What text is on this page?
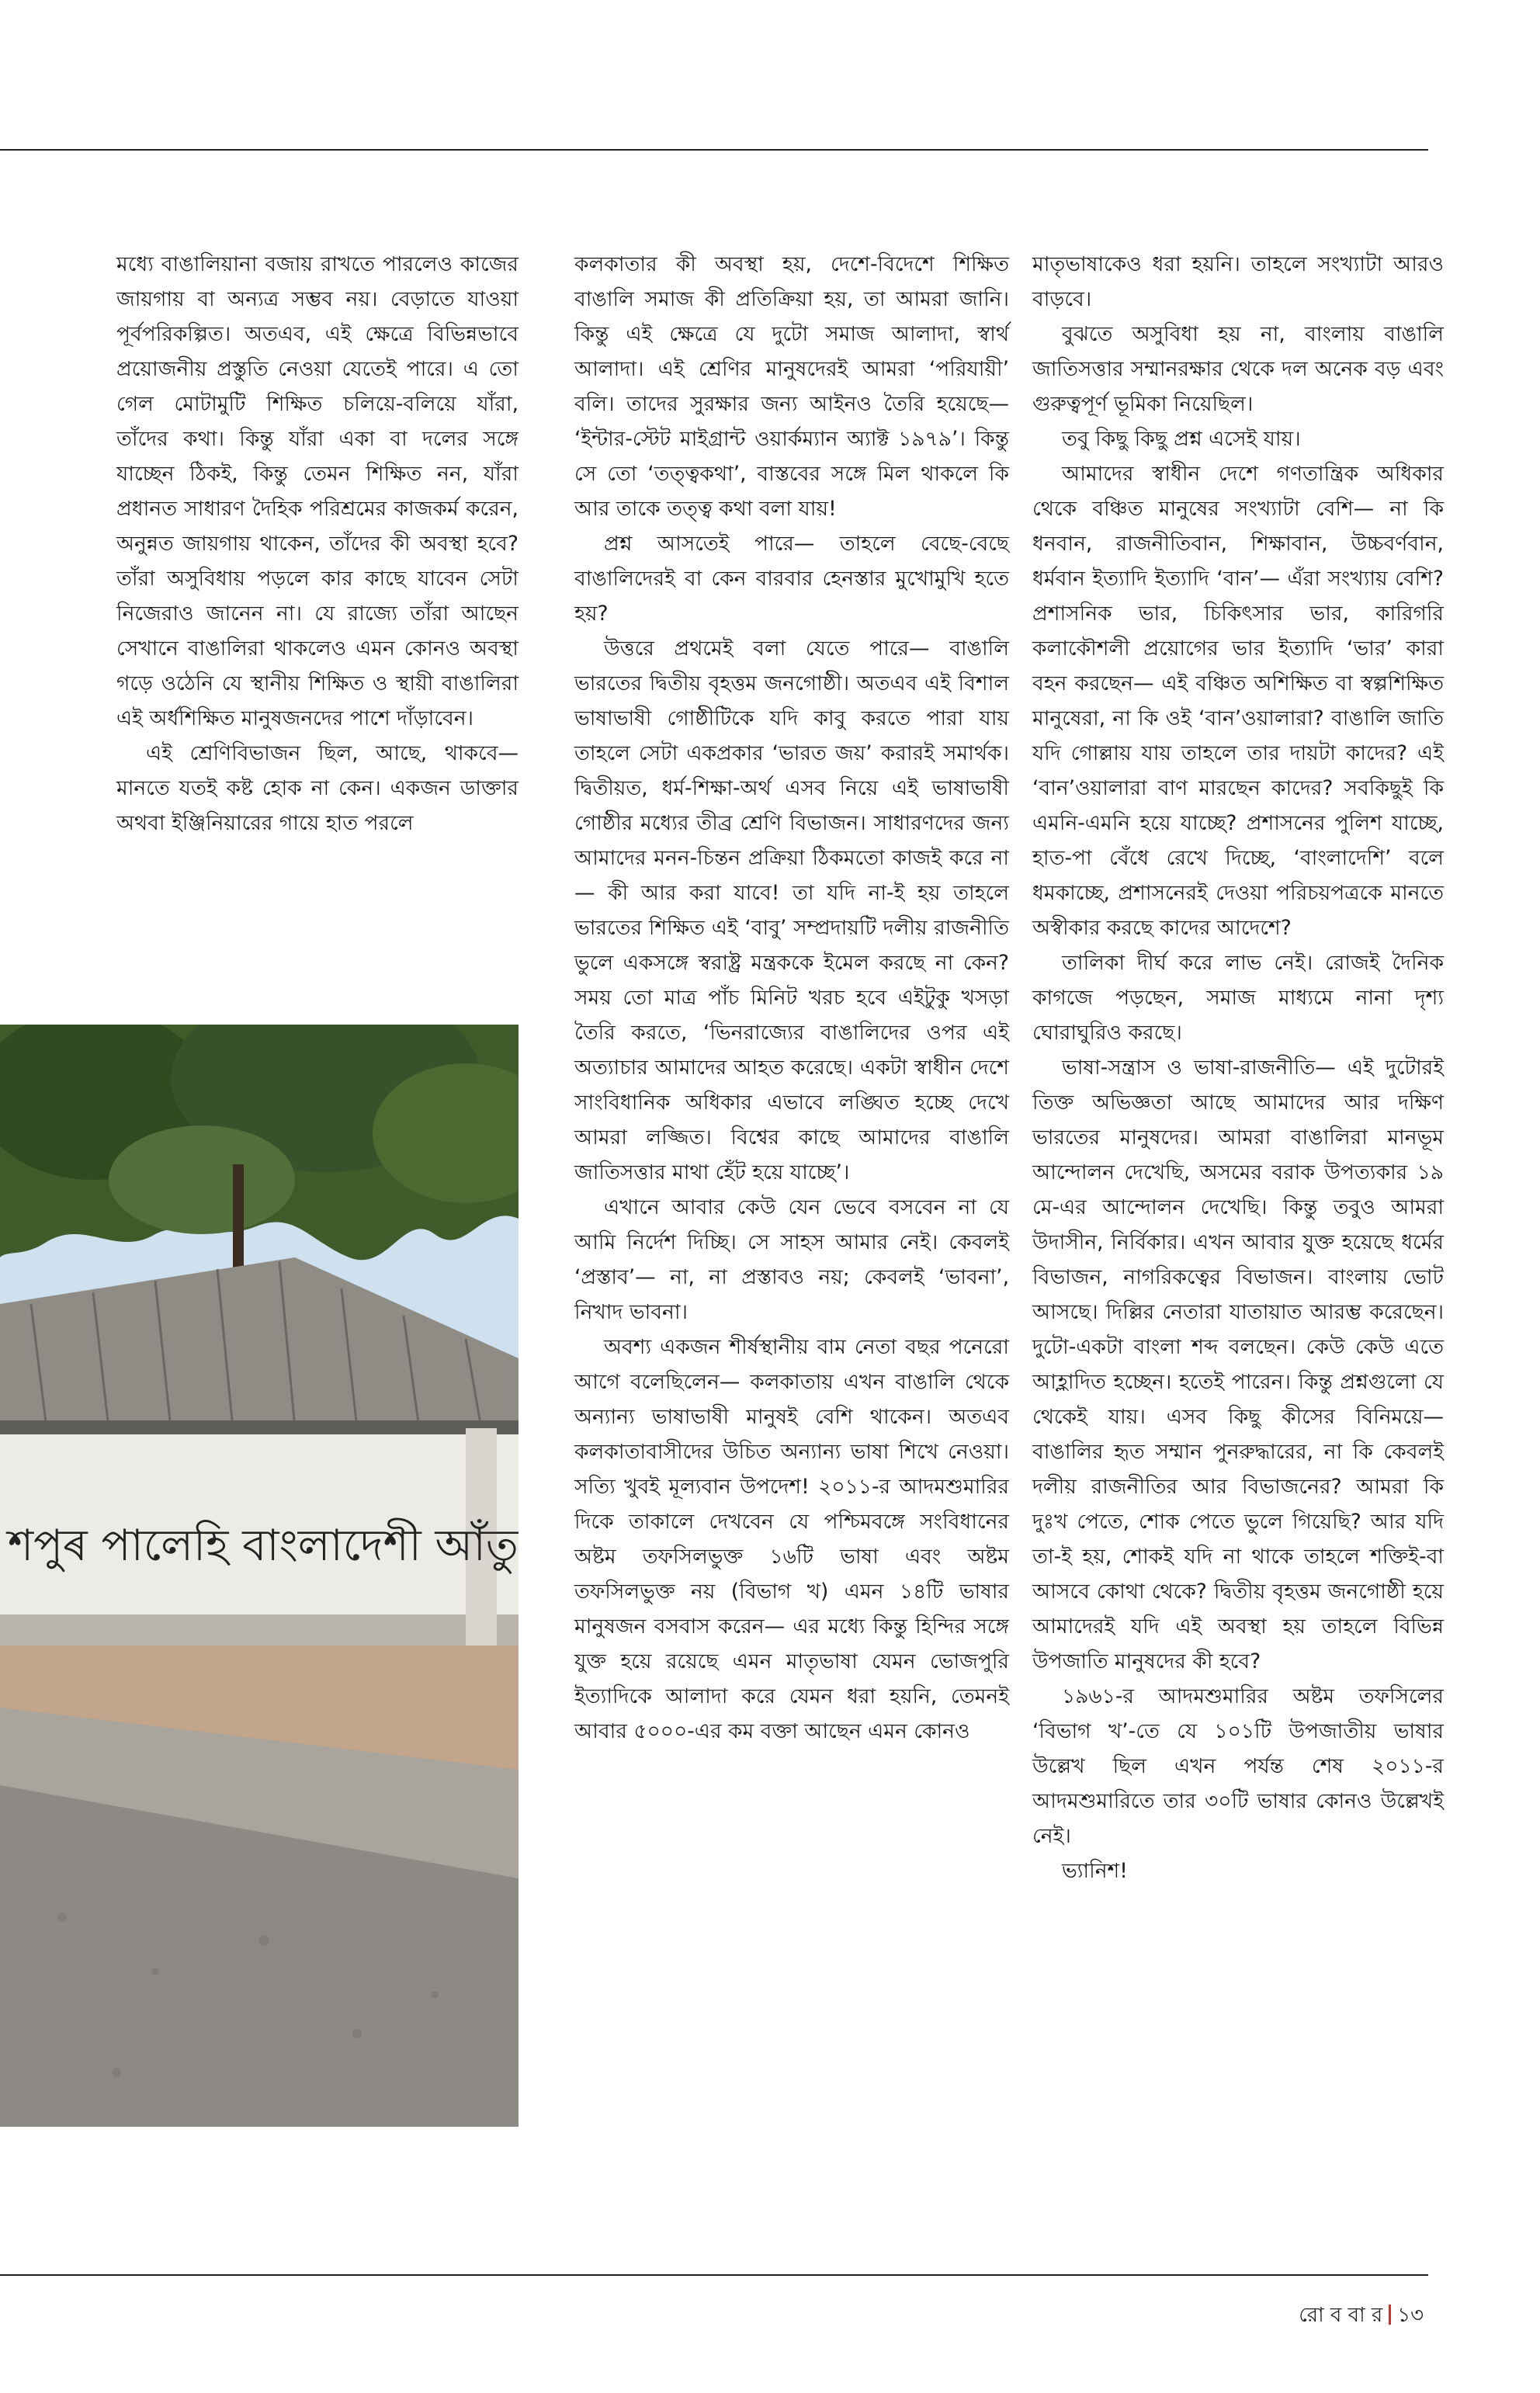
মধ্যে বাঙালিয়ানা বজায় রাখতে পারলেও কাজের জায়গায় বা অন্যত্র সম্ভব নয়। বেড়াতে যাওয়া পূর্বপরিকল্পিত। অতএব, এই ক্ষেত্রে বিভিন্নভাবে প্রয়োজনীয় প্রস্তুতি নেওয়া যেতেই পারে। এ তো গেল মোটামুটি শিক্ষিত চলিয়ে-বলিয়ে যাঁরা, তাঁদের কথা। কিন্তু যাঁরা একা বা দলের সঙ্গে যাচ্ছেন ঠিকই, কিন্তু তেমন শিক্ষিত নন, যাঁরা প্রধানত সাধারণ দৈহিক পরিশ্রমের কাজকর্ম করেন, অনুন্নত জায়গায় থাকেন, তাঁদের কী অবস্থা হবে? তাঁরা অসুবিধায় পড়লে কার কাছে যাবেন সেটা নিজেরাও জানেন না। যে রাজ্যে তাঁরা আছেন সেখানে বাঙালিরা থাকলেও এমন কোনও অবস্থা গড়ে ওঠেনি যে স্থানীয় শিক্ষিত ও স্থায়ী বাঙালিরা এই অর্ধশিক্ষিত মানুষজনদের পাশে দাঁড়াবেন।

এই শ্রেণিবিভাজন ছিল, আছে, থাকবে— মানতে যতই কষ্ট হোক না কেন। একজন ডাক্তার অথবা ইঞ্জিনিয়ারের গায়ে হাত পরলে

কলকাতার কী অবস্থা হয়, দেশে-বিদেশে শিক্ষিত বাঙালি সমাজ কী প্রতিক্রিয়া হয়, তা আমরা জানি। কিন্তু এই ক্ষেত্রে যে দুটো সমাজ আলাদা, স্বার্থ আলাদা। এই শ্রেণির মানুষদেরই আমরা ‘পরিযায়ী’ বলি। তাদের সুরক্ষার জন্য আইনও তৈরি হয়েছে— ‘ইন্টার-স্টেট মাইগ্রান্ট ওয়ার্কম্যান অ্যাক্ট ১৯৭৯’। কিন্তু সে তো ‘তত্ত্বকথা’, বাস্তবের সঙ্গে মিল থাকলে কি আর তাকে তত্ত্ব কথা বলা যায়!

প্রশ্ন আসতেই পারে— তাহলে বেছে-বেছে বাঙালিদেরই বা কেন বারবার হেনস্তার মুখোমুখি হতে হয়?

উত্তরে প্রথমেই বলা যেতে পারে— বাঙালি ভারতের দ্বিতীয় বৃহত্তম জনগোষ্ঠী। অতএব এই বিশাল ভাষাভাষী গোষ্ঠীটিকে যদি কাবু করতে পারা যায় তাহলে সেটা একপ্রকার ‘ভারত জয়’ করারই সমার্থক। দ্বিতীয়ত, ধর্ম-শিক্ষা-অর্থ এসব নিয়ে এই ভাষাভাষী গোষ্ঠীর মধ্যের তীব্র শ্রেণি বিভাজন। সাধারণদের জন্য আমাদের মনন-চিন্তন প্রক্রিয়া ঠিকমতো কাজই করে না— কী আর করা যাবে! তা যদি না-ই হয় তাহলে ভারতের শিক্ষিত এই ‘বাবু’ সম্প্রদায়টি দলীয় রাজনীতি ভুলে একসঙ্গে স্বরাষ্ট্র মন্ত্রককে ইমেল করছে না কেন? সময় তো মাত্র পাঁচ মিনিট খরচ হবে এইটুকু খসড়া তৈরি করতে, ‘ভিনরাজ্যের বাঙালিদের ওপর এই অত্যাচার আমাদের আহত করেছে। একটা স্বাধীন দেশে সাংবিধানিক অধিকার এভাবে লঙ্ঘিত হচ্ছে দেখে আমরা লজ্জিত। বিশ্বের কাছে আমাদের বাঙালি জাতিসত্তার মাথা হেঁট হয়ে যাচ্ছে’।

এখানে আবার কেউ যেন ভেবে বসবেন না যে আমি নির্দেশ দিচ্ছি। সে সাহস আমার নেই। কেবলই ‘প্রস্তাব’— না, না প্রস্তাবও নয়; কেবলই ‘ভাবনা’, নিখাদ ভাবনা।

অবশ্য একজন শীর্ষস্থানীয় বাম নেতা বছর পনেরো আগে বলেছিলেন— কলকাতায় এখন বাঙালি থেকে অন্যান্য ভাষাভাষী মানুষই বেশি থাকেন। অতএব কলকাতাবাসীদের উচিত অন্যান্য ভাষা শিখে নেওয়া। সত্যি খুবই মূল্যবান উপদেশ! ২০১১-র আদমশুমারির দিকে তাকালে দেখবেন যে পশ্চিমবঙ্গে সংবিধানের অষ্টম তফসিলভুক্ত ১৬টি ভাষা এবং অষ্টম তফসিলভুক্ত নয় (বিভাগ খ) এমন ১৪টি ভাষার মানুষজন বসবাস করেন— এর মধ্যে কিন্তু হিন্দির সঙ্গে যুক্ত হয়ে রয়েছে এমন মাতৃভাষা যেমন ভোজপুরি ইত্যাদিকে আলাদা করে যেমন ধরা হয়নি, তেমনই আবার ৫০০০-এর কম বক্তা আছেন এমন কোনও

মাতৃভাষাকেও ধরা হয়নি। তাহলে সংখ্যাটা আরও বাড়বে।

বুঝতে অসুবিধা হয় না, বাংলায় বাঙালি জাতিসত্তার সম্মানরক্ষার থেকে দল অনেক বড় এবং গুরুত্বপূর্ণ ভূমিকা নিয়েছিল।

তবু কিছু কিছু প্রশ্ন এসেই যায়।

আমাদের স্বাধীন দেশে গণতান্ত্রিক অধিকার থেকে বঞ্চিত মানুষের সংখ্যাটা বেশি— না কি ধনবান, রাজনীতিবান, শিক্ষাবান, উচ্চবর্ণবান, ধর্মবান ইত্যাদি ইত্যাদি ‘বান’— এঁরা সংখ্যায় বেশি? প্রশাসনিক ভার, চিকিৎসার ভার, কারিগরি কলাকৌশলী প্রয়োগের ভার ইত্যাদি ‘ভার’ কারা বহন করছেন— এই বঞ্চিত অশিক্ষিত বা স্বল্পশিক্ষিত মানুষেরা, না কি ওই ‘বান’ওয়ালারা? বাঙালি জাতি যদি গোল্লায় যায় তাহলে তার দায়টা কাদের? এই ‘বান’ওয়ালারা বাণ মারছেন কাদের? সবকিছুই কি এমনি-এমনি হয়ে যাচ্ছে? প্রশাসনের পুলিশ যাচ্ছে, হাত-পা বেঁধে রেখে দিচ্ছে, ‘বাংলাদেশি’ বলে ধমকাচ্ছে, প্রশাসনেরই দেওয়া পরিচয়পত্রকে মানতে অস্বীকার করছে কাদের আদেশে?

তালিকা দীর্ঘ করে লাভ নেই। রোজই দৈনিক কাগজে পড়ছেন, সমাজ মাধ্যমে নানা দৃশ্য ঘোরাঘুরিও করছে।

ভাষা-সন্ত্রাস ও ভাষা-রাজনীতি— এই দুটোরই তিক্ত অভিজ্ঞতা আছে আমাদের আর দক্ষিণ ভারতের মানুষদের। আমরা বাঙালিরা মানভূম আন্দোলন দেখেছি, অসমের বরাক উপত্যকার ১৯ মে-এর আন্দোলন দেখেছি। কিন্তু তবুও আমরা উদাসীন, নির্বিকার। এখন আবার যুক্ত হয়েছে ধর্মের বিভাজন, নাগরিকত্বের বিভাজন। বাংলায় ভোট আসছে। দিল্লির নেতারা যাতায়াত আরম্ভ করেছেন। দুটো-একটা বাংলা শব্দ বলছেন। কেউ কেউ এতে আহ্লাদিত হচ্ছেন। হতেই পারেন। কিন্তু প্রশ্নগুলো যে থেকেই যায়। এসব কিছু কীসের বিনিময়ে— বাঙালির হৃত সম্মান পুনরুদ্ধারের, না কি কেবলই দলীয় রাজনীতির আর বিভাজনের? আমরা কি দুঃখ পেতে, শোক পেতে ভুলে গিয়েছি? আর যদি তা-ই হয়, শোকই যদি না থাকে তাহলে শক্তিই-বা আসবে কোথা থেকে? দ্বিতীয় বৃহত্তম জনগোষ্ঠী হয়ে আমাদেরই যদি এই অবস্থা হয় তাহলে বিভিন্ন উপজাতি মানুষদের কী হবে?

১৯৬১-র আদমশুমারির অষ্টম তফসিলের ‘বিভাগ খ’-তে যে ১০১টি উপজাতীয় ভাষার উল্লেখ ছিল এখন পর্যন্ত শেষ ২০১১-র আদমশুমারিতে তার ৩০টি ভাষার কোনও উল্লেখই নেই।

ভ্যানিশ!

শপুৰ পালেহি বাংলাদেশী আঁতু
রো ব বা র ১৩
